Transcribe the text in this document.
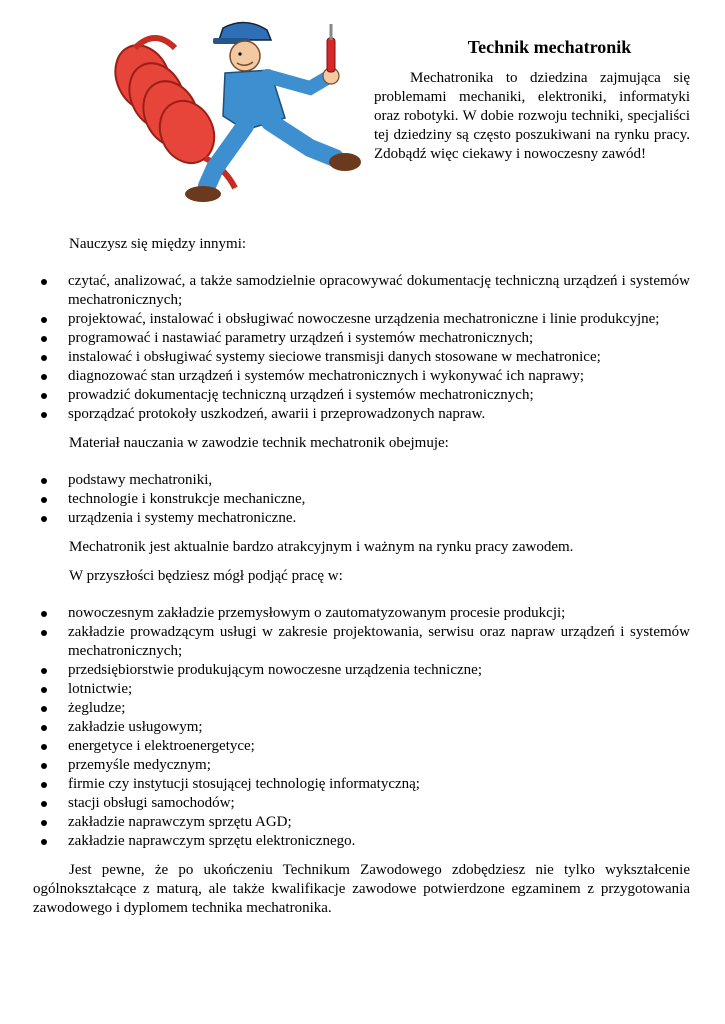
Technik mechatronik

Mechatronika to dziedzina zajmująca się problemami mechaniki, elektroniki, informatyki oraz robotyki. W dobie rozwoju techniki, specjaliści tej dziedziny są często poszukiwani na rynku pracy. Zdobądź więc ciekawy i nowoczesny zawód!

Nauczysz się między innymi:

czytać, analizować, a także samodzielnie opracowywać dokumentację techniczną urządzeń i systemów mechatronicznych;
projektować, instalować i obsługiwać nowoczesne urządzenia mechatroniczne i linie produkcyjne;
programować i nastawiać parametry urządzeń i systemów mechatronicznych;
instalować i obsługiwać systemy sieciowe transmisji danych stosowane w mechatronice;
diagnozować stan urządzeń i systemów mechatronicznych i wykonywać ich naprawy;
prowadzić dokumentację techniczną urządzeń i systemów mechatronicznych;
sporządzać protokoły uszkodzeń, awarii i przeprowadzonych napraw.

Materiał nauczania w zawodzie technik mechatronik obejmuje:

podstawy mechatroniki,
technologie i konstrukcje mechaniczne,
urządzenia i systemy mechatroniczne.

Mechatronik jest aktualnie bardzo atrakcyjnym i ważnym na rynku pracy zawodem.

W przyszłości będziesz mógł podjąć pracę w:

nowoczesnym zakładzie przemysłowym o zautomatyzowanym procesie produkcji;
zakładzie prowadzącym usługi w zakresie projektowania, serwisu oraz napraw urządzeń i systemów mechatronicznych;
przedsiębiorstwie produkującym nowoczesne urządzenia techniczne;
lotnictwie;
żegludze;
zakładzie usługowym;
energetyce i elektroenergetyce;
przemyśle medycznym;
firmie czy instytucji stosującej technologię informatyczną;
stacji obsługi samochodów;
zakładzie naprawczym sprzętu AGD;
zakładzie naprawczym sprzętu elektronicznego.

Jest pewne, że po ukończeniu Technikum Zawodowego zdobędziesz nie tylko wykształcenie ogólnokształcące z maturą, ale także kwalifikacje zawodowe potwierdzone egzaminem z przygotowania zawodowego i dyplomem technika mechatronika.
